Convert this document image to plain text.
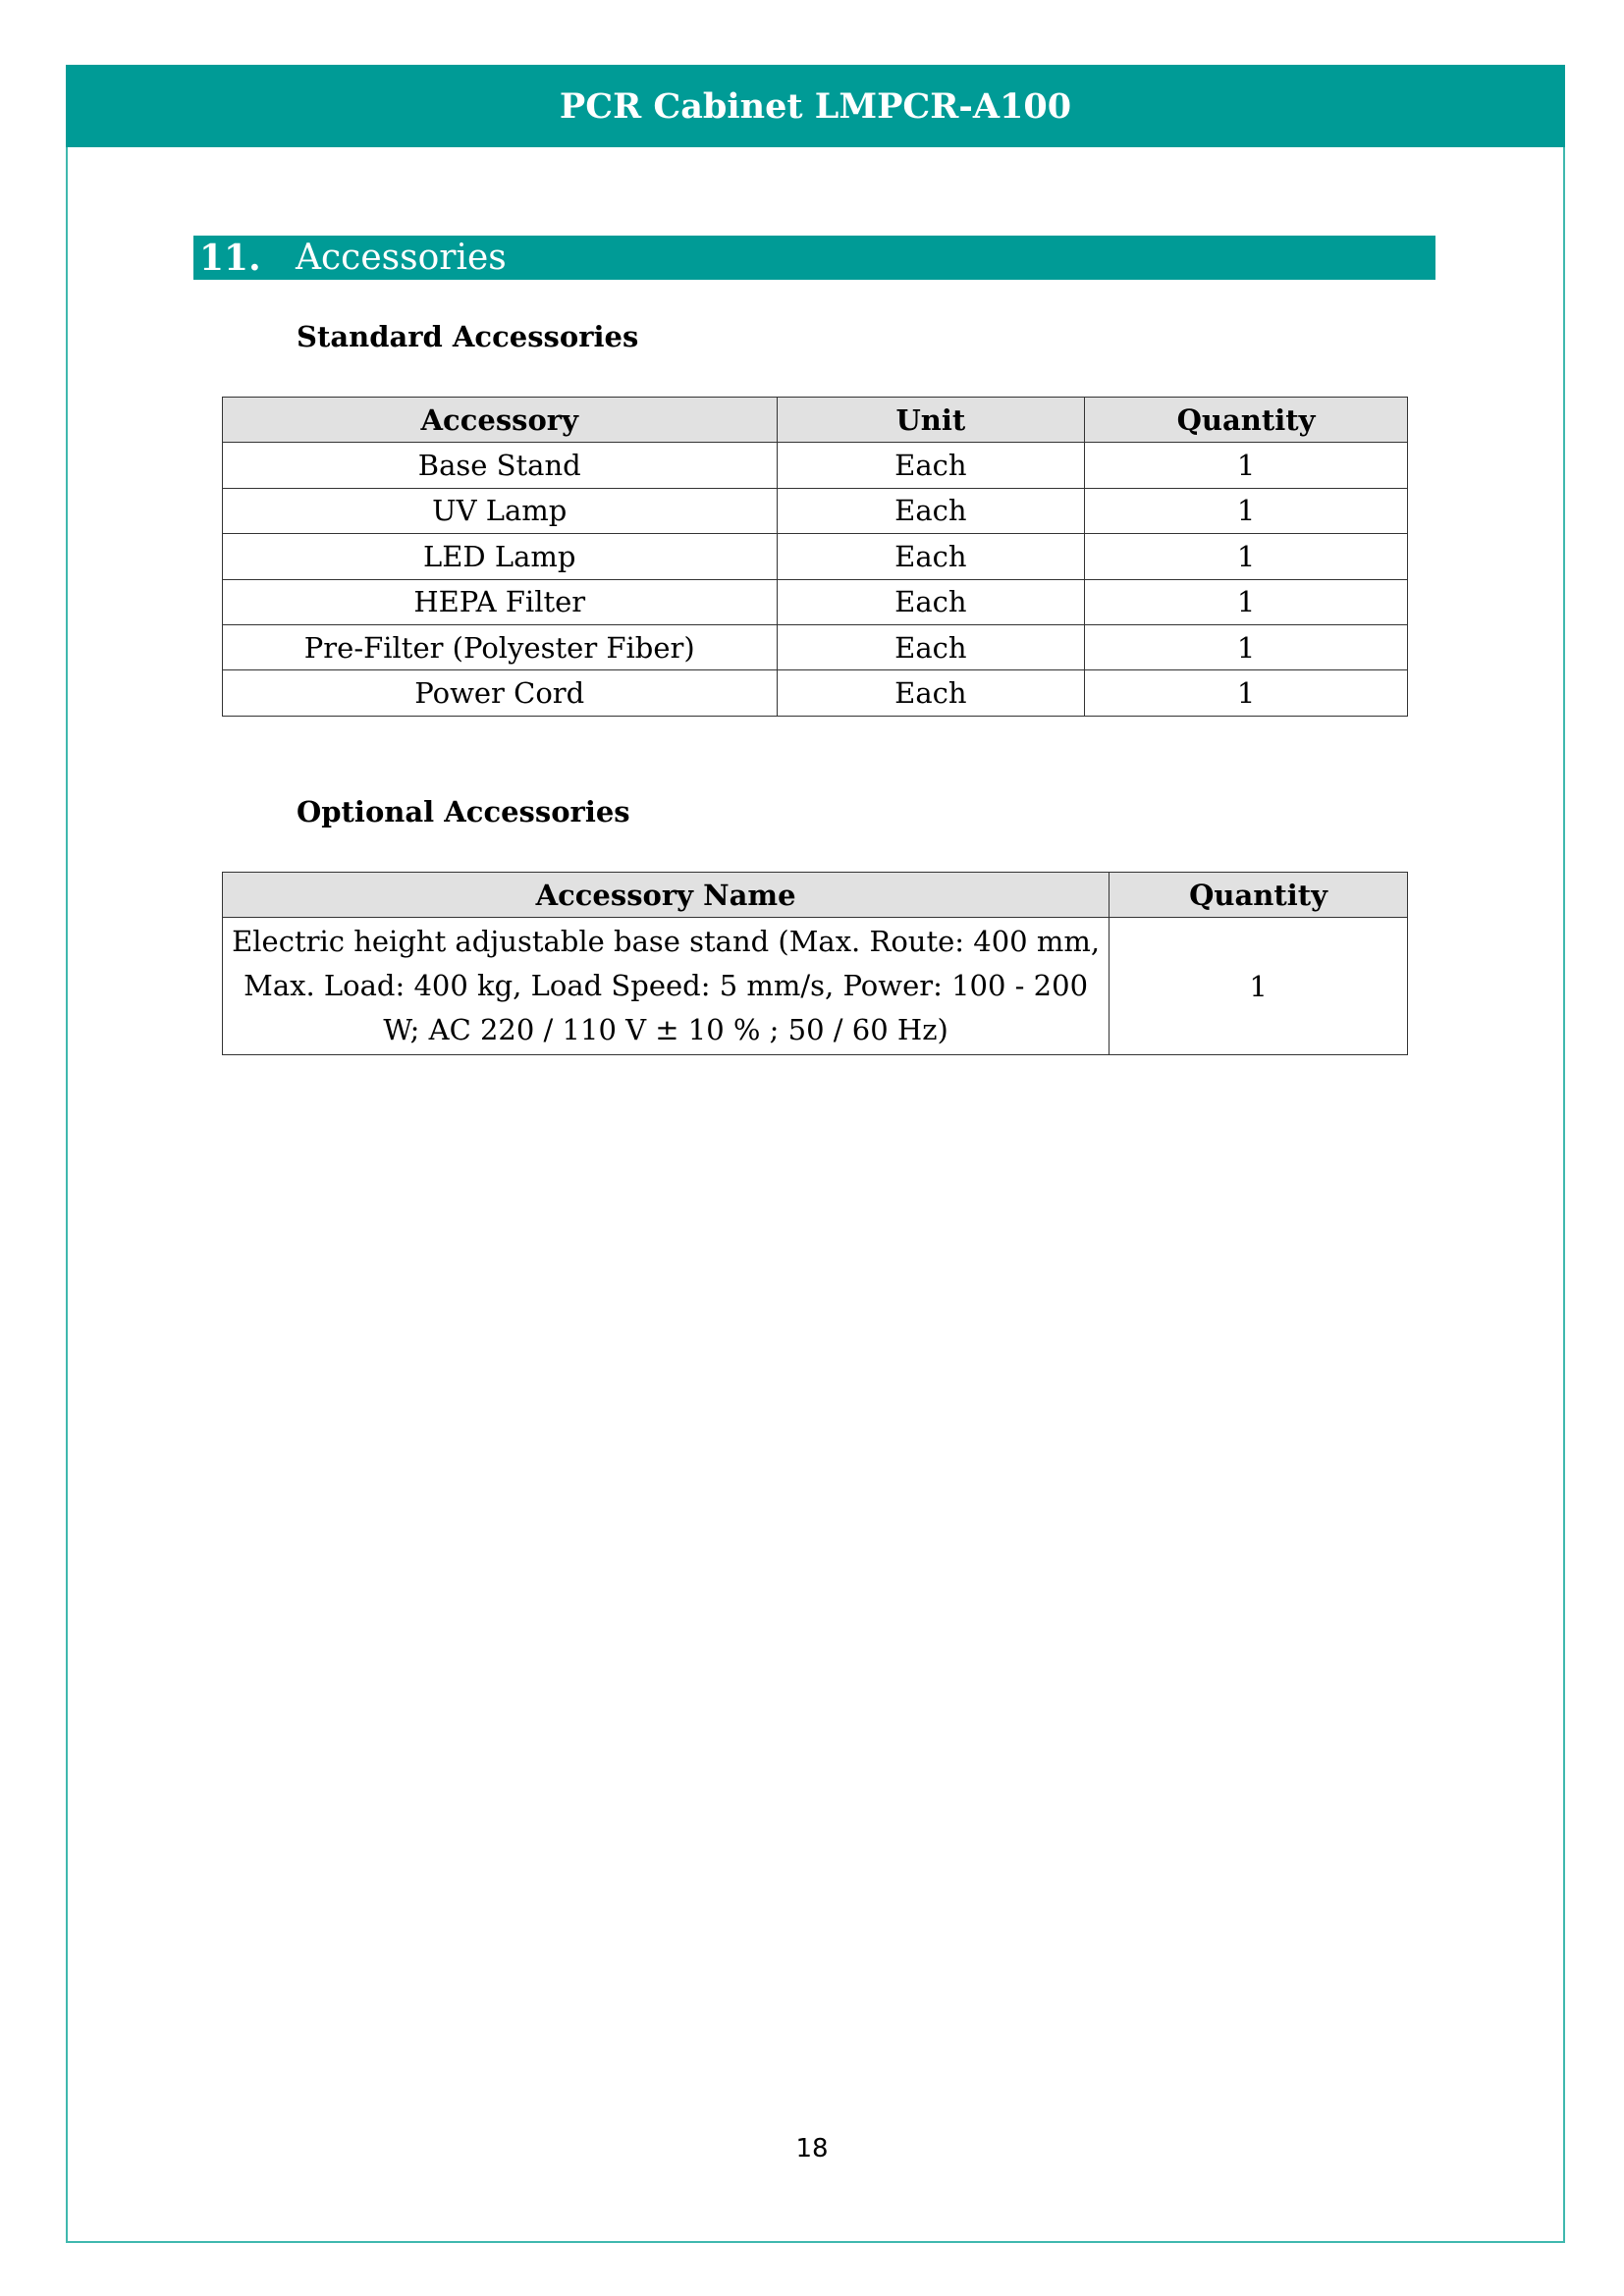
PCR Cabinet LMPCR-A100
11. Accessories
Standard Accessories
Accessory	Unit	Quantity
Base Stand	Each	1
UV Lamp	Each	1
LED Lamp	Each	1
HEPA Filter	Each	1
Pre-Filter (Polyester Fiber)	Each	1
Power Cord	Each	1
Optional Accessories
Accessory Name	Quantity
Electric height adjustable base stand (Max. Route: 400 mm, Max. Load: 400 kg, Load Speed: 5 mm/s, Power: 100 - 200 W; AC 220 / 110 V ± 10 % ; 50 / 60 Hz)	1
18
